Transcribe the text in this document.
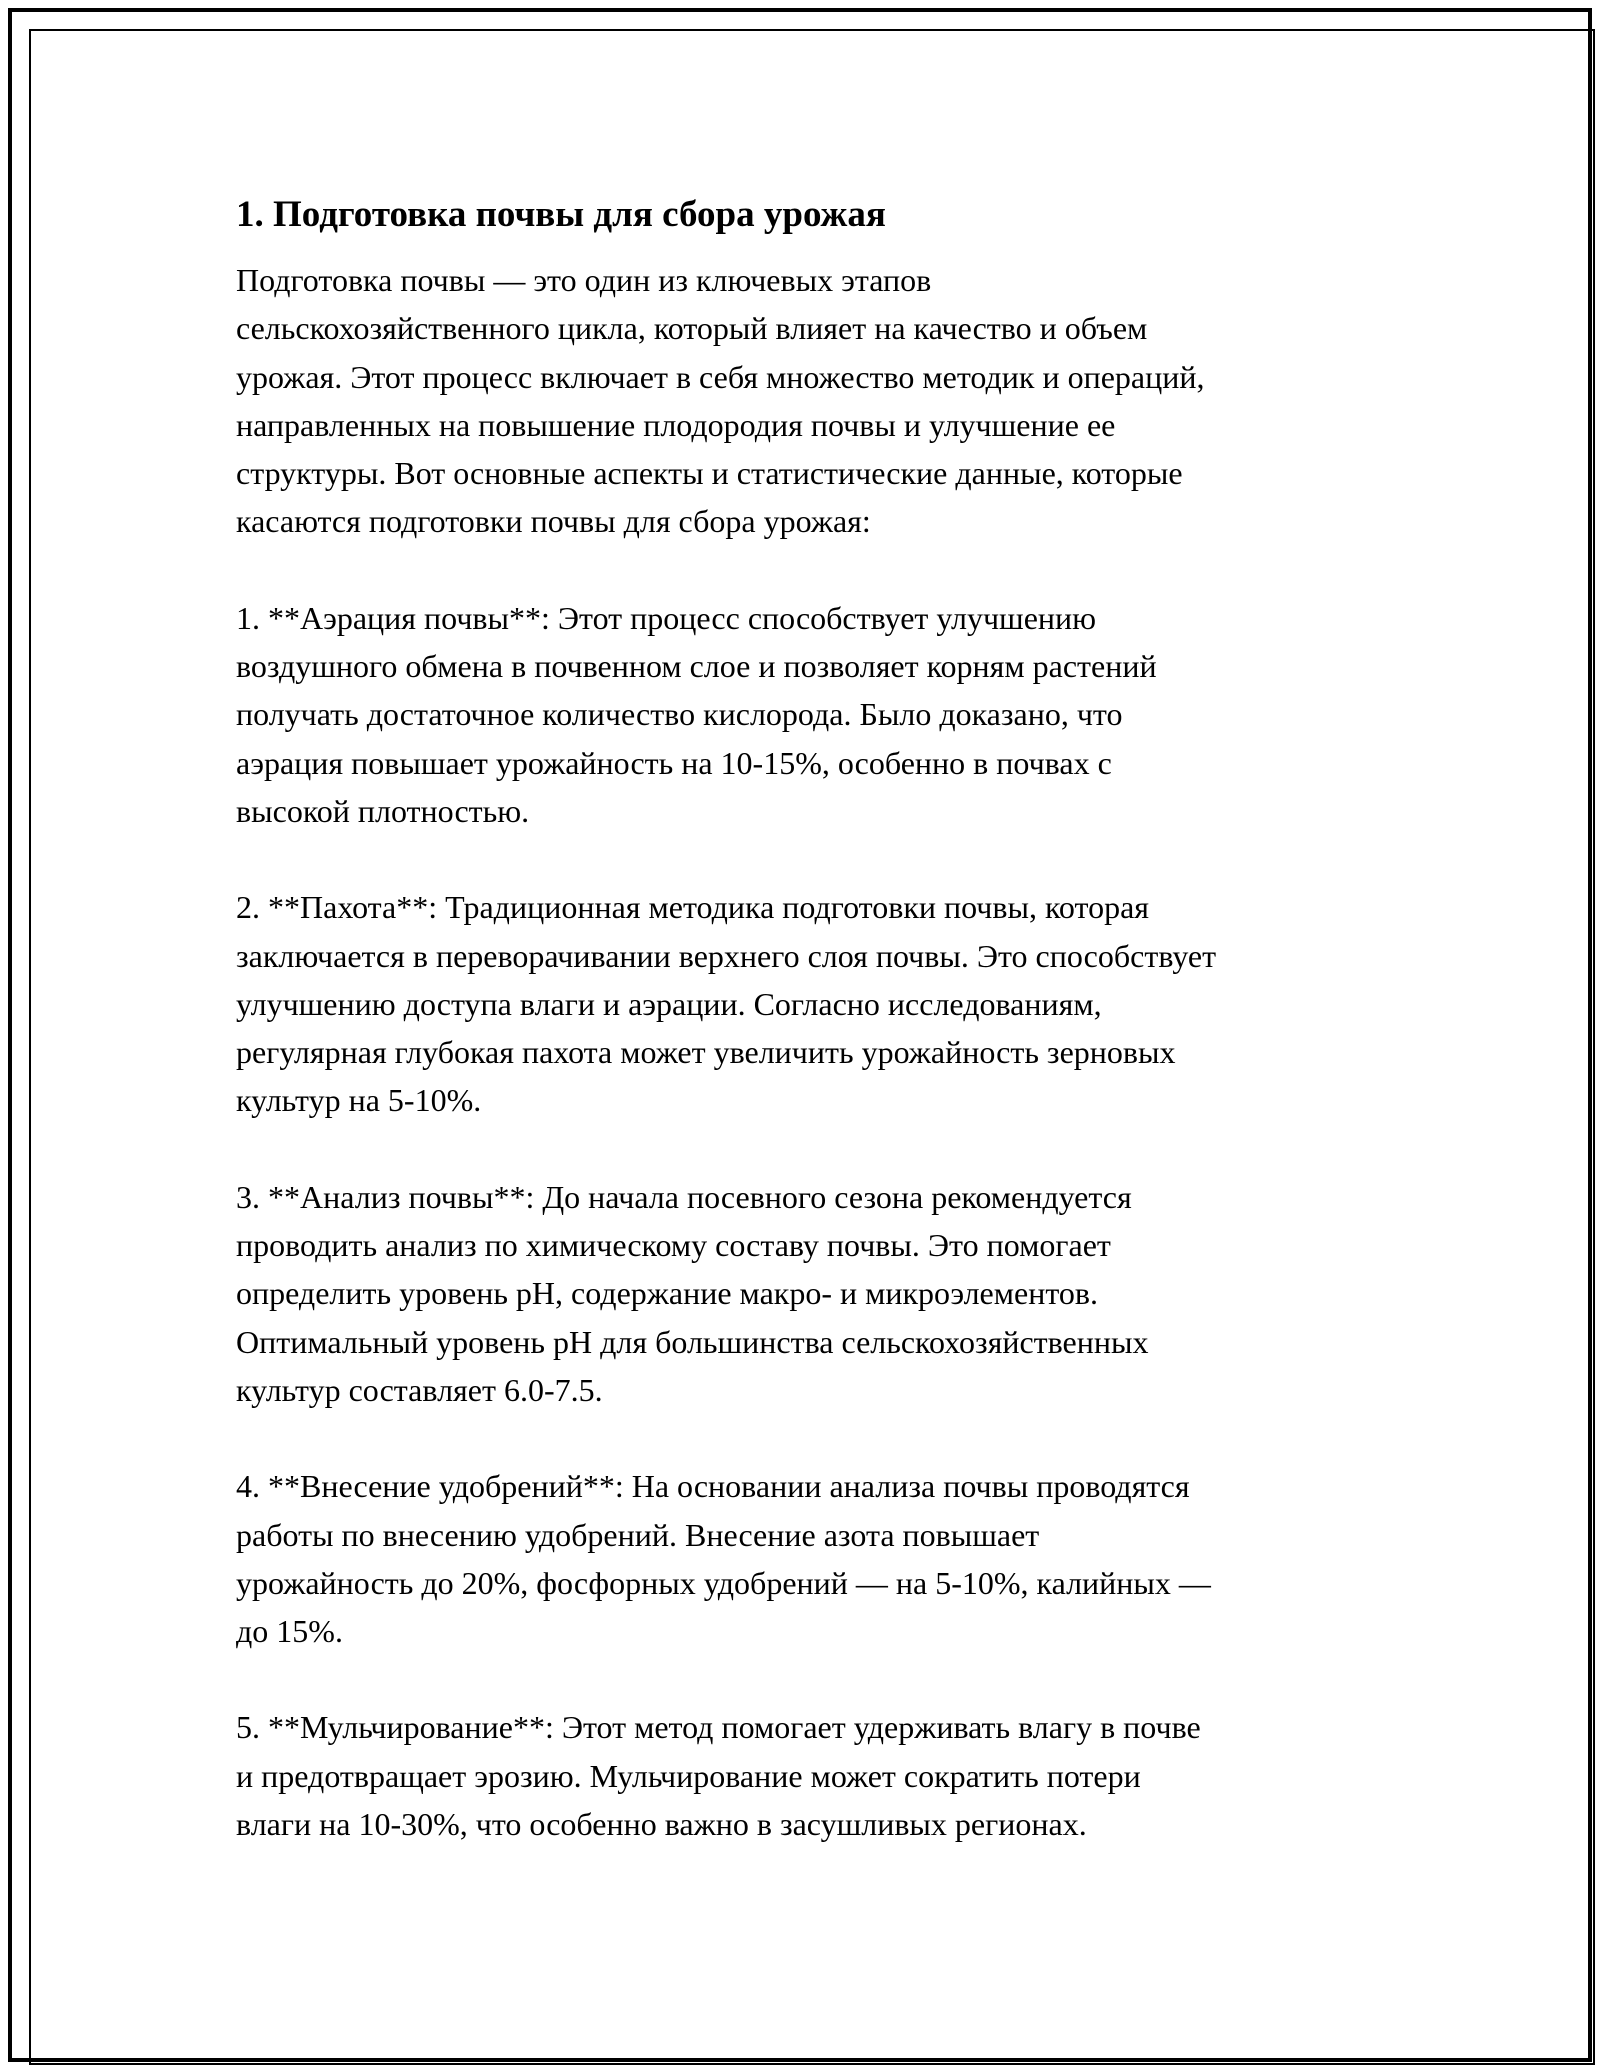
1. Подготовка почвы для сбора урожая

Подготовка почвы — это один из ключевых этапов
сельскохозяйственного цикла, который влияет на качество и объем
урожая. Этот процесс включает в себя множество методик и операций,
направленных на повышение плодородия почвы и улучшение ее
структуры. Вот основные аспекты и статистические данные, которые
касаются подготовки почвы для сбора урожая:

1. **Аэрация почвы**: Этот процесс способствует улучшению
воздушного обмена в почвенном слое и позволяет корням растений
получать достаточное количество кислорода. Было доказано, что
аэрация повышает урожайность на 10-15%, особенно в почвах с
высокой плотностью.

2. **Пахота**: Традиционная методика подготовки почвы, которая
заключается в переворачивании верхнего слоя почвы. Это способствует
улучшению доступа влаги и аэрации. Согласно исследованиям,
регулярная глубокая пахота может увеличить урожайность зерновых
культур на 5-10%.

3. **Анализ почвы**: До начала посевного сезона рекомендуется
проводить анализ по химическому составу почвы. Это помогает
определить уровень pH, содержание макро- и микроэлементов.
Оптимальный уровень pH для большинства сельскохозяйственных
культур составляет 6.0-7.5.

4. **Внесение удобрений**: На основании анализа почвы проводятся
работы по внесению удобрений. Внесение азота повышает
урожайность до 20%, фосфорных удобрений — на 5-10%, калийных —
до 15%.

5. **Мульчирование**: Этот метод помогает удерживать влагу в почве
и предотвращает эрозию. Мульчирование может сократить потери
влаги на 10-30%, что особенно важно в засушливых регионах.
